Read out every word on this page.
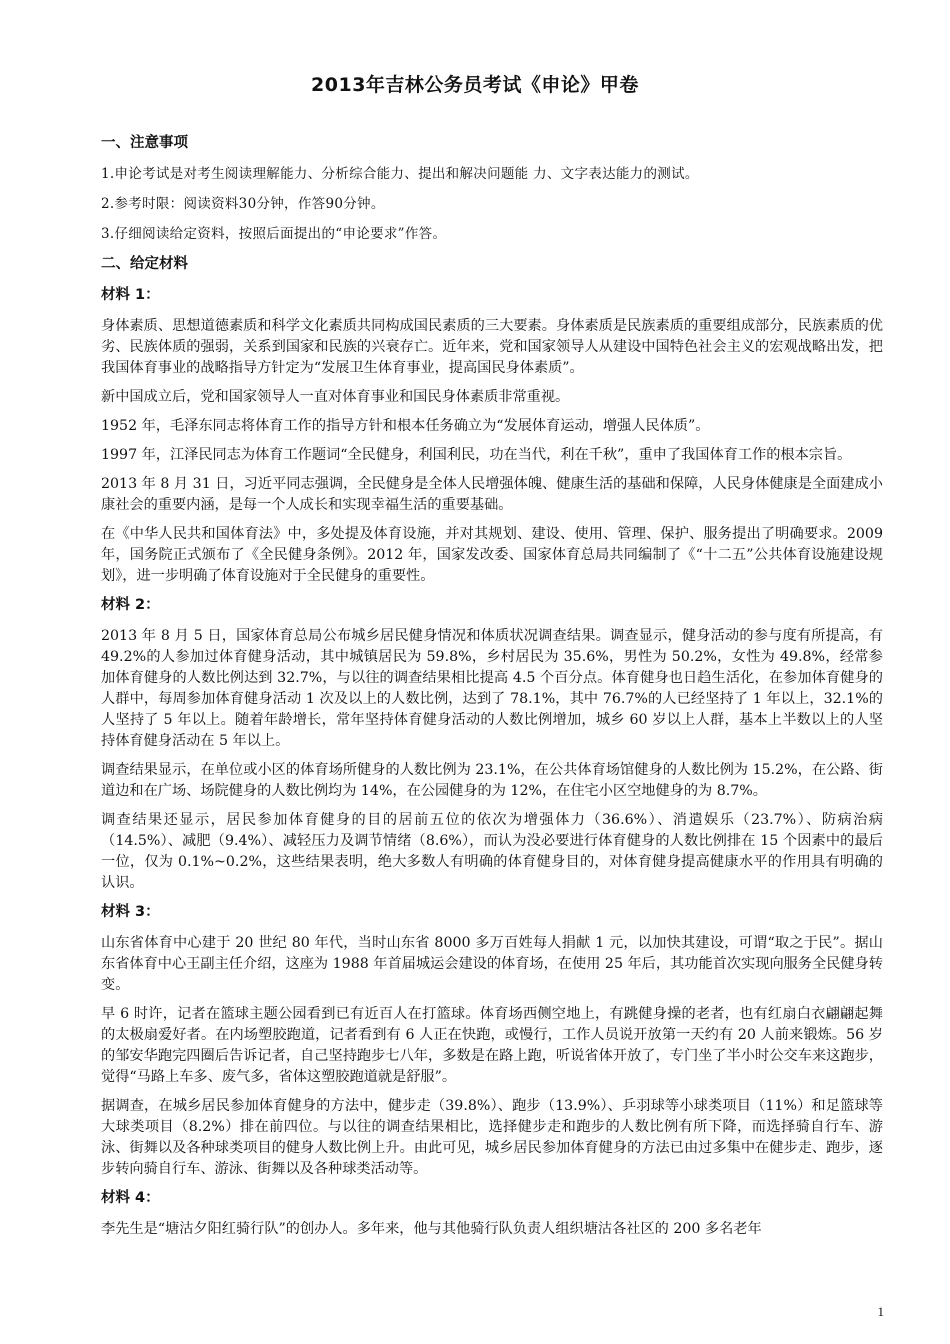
2013年吉林公务员考试《申论》甲卷
一、注意事项
1.申论考试是对考生阅读理解能力、分析综合能力、提出和解决问题能 力、文字表达能力的测试。
2.参考时限：阅读资料30分钟，作答90分钟。
3.仔细阅读给定资料，按照后面提出的“申论要求”作答。
二、给定材料
材料 1：
身体素质、思想道德素质和科学文化素质共同构成国民素质的三大要素。身体素质是民族素质的重要组成部分，民族素质的优劣、民族体质的强弱，关系到国家和民族的兴衰存亡。近年来，党和国家领导人从建设中国特色社会主义的宏观战略出发，把我国体育事业的战略指导方针定为“发展卫生体育事业，提高国民身体素质”。
新中国成立后，党和国家领导人一直对体育事业和国民身体素质非常重视。
1952 年，毛泽东同志将体育工作的指导方针和根本任务确立为“发展体育运动，增强人民体质”。
1997 年，江泽民同志为体育工作题词“全民健身，利国利民，功在当代，利在千秋”，重申了我国体育工作的根本宗旨。
2013 年 8 月 31 日，习近平同志强调，全民健身是全体人民增强体魄、健康生活的基础和保障，人民身体健康是全面建成小康社会的重要内涵，是每一个人成长和实现幸福生活的重要基础。
在《中华人民共和国体育法》中，多处提及体育设施，并对其规划、建设、使用、管理、保护、服务提出了明确要求。2009 年，国务院正式颁布了《全民健身条例》。2012 年，国家发改委、国家体育总局共同编制了《“十二五”公共体育设施建设规划》，进一步明确了体育设施对于全民健身的重要性。
材料 2：
2013 年 8 月 5 日，国家体育总局公布城乡居民健身情况和体质状况调查结果。调查显示，健身活动的参与度有所提高，有 49.2%的人参加过体育健身活动，其中城镇居民为 59.8%，乡村居民为 35.6%，男性为 50.2%，女性为 49.8%，经常参加体育健身的人数比例达到 32.7%，与以往的调查结果相比提高 4.5 个百分点。体育健身也日趋生活化，在参加体育健身的人群中，每周参加体育健身活动 1 次及以上的人数比例，达到了 78.1%，其中 76.7%的人已经坚持了 1 年以上，32.1%的人坚持了 5 年以上。随着年龄增长，常年坚持体育健身活动的人数比例增加，城乡 60 岁以上人群，基本上半数以上的人坚持体育健身活动在 5 年以上。
调查结果显示，在单位或小区的体育场所健身的人数比例为 23.1%，在公共体育场馆健身的人数比例为 15.2%，在公路、街道边和在广场、场院健身的人数比例均为 14%，在公园健身的为 12%，在住宅小区空地健身的为 8.7%。
调查结果还显示，居民参加体育健身的目的居前五位的依次为增强体力（36.6%）、消遣娱乐（23.7%）、防病治病（14.5%）、减肥（9.4%）、减轻压力及调节情绪（8.6%），而认为没必要进行体育健身的人数比例排在 15 个因素中的最后一位，仅为 0.1%~0.2%，这些结果表明，绝大多数人有明确的体育健身目的，对体育健身提高健康水平的作用具有明确的认识。
材料 3：
山东省体育中心建于 20 世纪 80 年代，当时山东省 8000 多万百姓每人捐献 1 元，以加快其建设，可谓“取之于民”。据山东省体育中心王副主任介绍，这座为 1988 年首届城运会建设的体育场，在使用 25 年后，其功能首次实现向服务全民健身转变。
早 6 时许，记者在篮球主题公园看到已有近百人在打篮球。体育场西侧空地上，有跳健身操的老者，也有红扇白衣翩翩起舞的太极扇爱好者。在内场塑胶跑道，记者看到有 6 人正在快跑，或慢行，工作人员说开放第一天约有 20 人前来锻炼。56 岁的邹安华跑完四圈后告诉记者，自己坚持跑步七八年，多数是在路上跑，听说省体开放了，专门坐了半小时公交车来这跑步，觉得“马路上车多、废气多，省体这塑胶跑道就是舒服”。
据调查，在城乡居民参加体育健身的方法中，健步走（39.8%）、跑步（13.9%）、乒羽球等小球类项目（11%）和足篮球等大球类项目（8.2%）排在前四位。与以往的调查结果相比，选择健步走和跑步的人数比例有所下降，而选择骑自行车、游泳、街舞以及各种球类项目的健身人数比例上升。由此可见，城乡居民参加体育健身的方法已由过多集中在健步走、跑步，逐步转向骑自行车、游泳、街舞以及各种球类活动等。
材料 4：
李先生是“塘沽夕阳红骑行队”的创办人。多年来，他与其他骑行队负责人组织塘沽各社区的 200 多名老年
1
